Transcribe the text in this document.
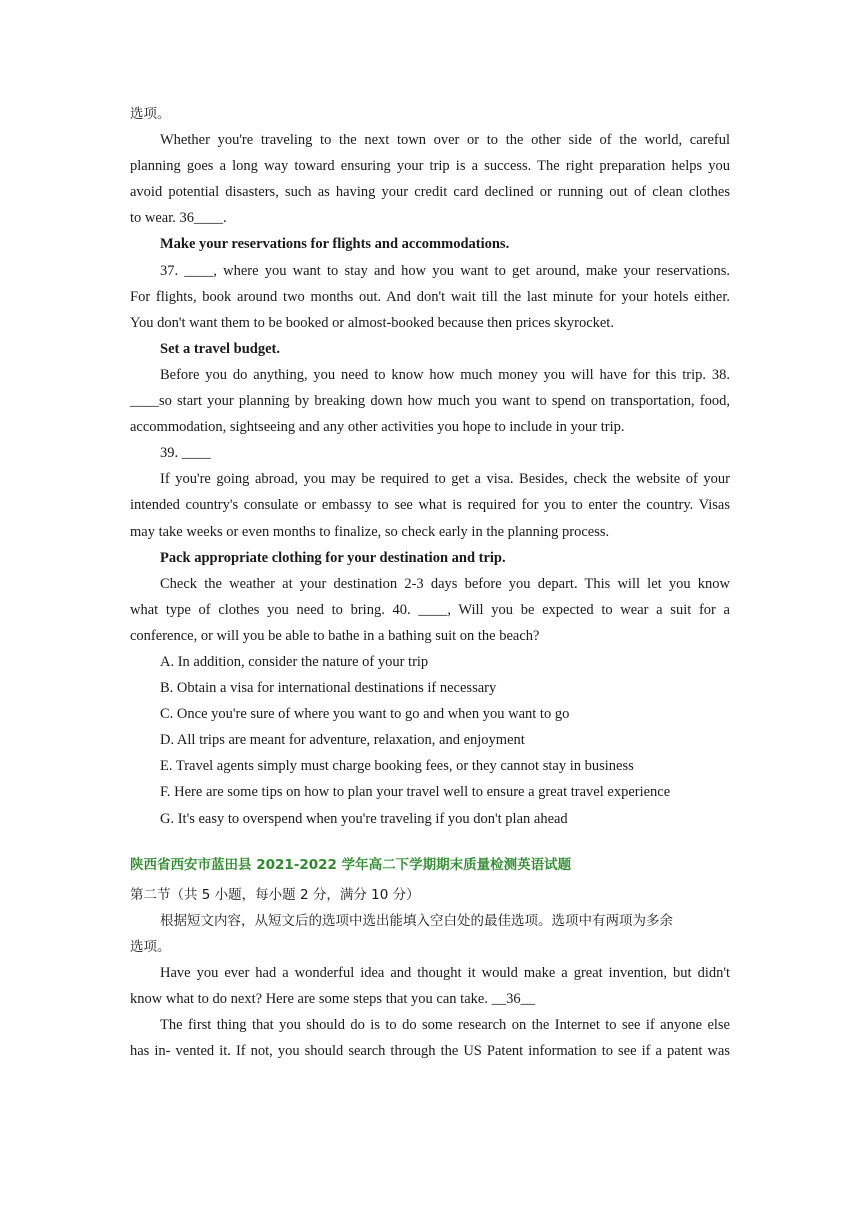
选项。
Whether you're traveling to the next town over or to the other side of the world, careful
planning goes a long way toward ensuring your trip is a success. The right preparation helps you
avoid potential disasters, such as having your credit card declined or running out of clean clothes
to wear. 36____.
Make your reservations for flights and accommodations.
37. ____, where you want to stay and how you want to get around, make your reservations.
For flights, book around two months out. And don't wait till the last minute for your hotels either.
You don't want them to be booked or almost-booked because then prices skyrocket.
Set a travel budget.
Before you do anything, you need to know how much money you will have for this trip. 38.
____so start your planning by breaking down how much you want to spend on transportation, food,
accommodation, sightseeing and any other activities you hope to include in your trip.
39. ____
If you're going abroad, you may be required to get a visa. Besides, check the website of your
intended country's consulate or embassy to see what is required for you to enter the country. Visas
may take weeks or even months to finalize, so check early in the planning process.
Pack appropriate clothing for your destination and trip.
Check the weather at your destination 2-3 days before you depart. This will let you know
what type of clothes you need to bring. 40. ____, Will you be expected to wear a suit for a
conference, or will you be able to bathe in a bathing suit on the beach?
A. In addition, consider the nature of your trip
B. Obtain a visa for international destinations if necessary
C. Once you're sure of where you want to go and when you want to go
D. All trips are meant for adventure, relaxation, and enjoyment
E. Travel agents simply must charge booking fees, or they cannot stay in business
F. Here are some tips on how to plan your travel well to ensure a great travel experience
G. It's easy to overspend when you're traveling if you don't plan ahead
陕西省西安市蓝田县 2021-2022 学年高二下学期期末质量检测英语试题
第二节（共 5 小题，每小题 2 分，满分 10 分）
根据短文内容，从短文后的选项中选出能填入空白处的最佳选项。选项中有两项为多余
选项。
Have you ever had a wonderful idea and thought it would make a great invention, but didn't
know what to do next? Here are some steps that you can take. __36__
The first thing that you should do is to do some research on the Internet to see if anyone else
has in- vented it. If not, you should search through the US Patent information to see if a patent was
